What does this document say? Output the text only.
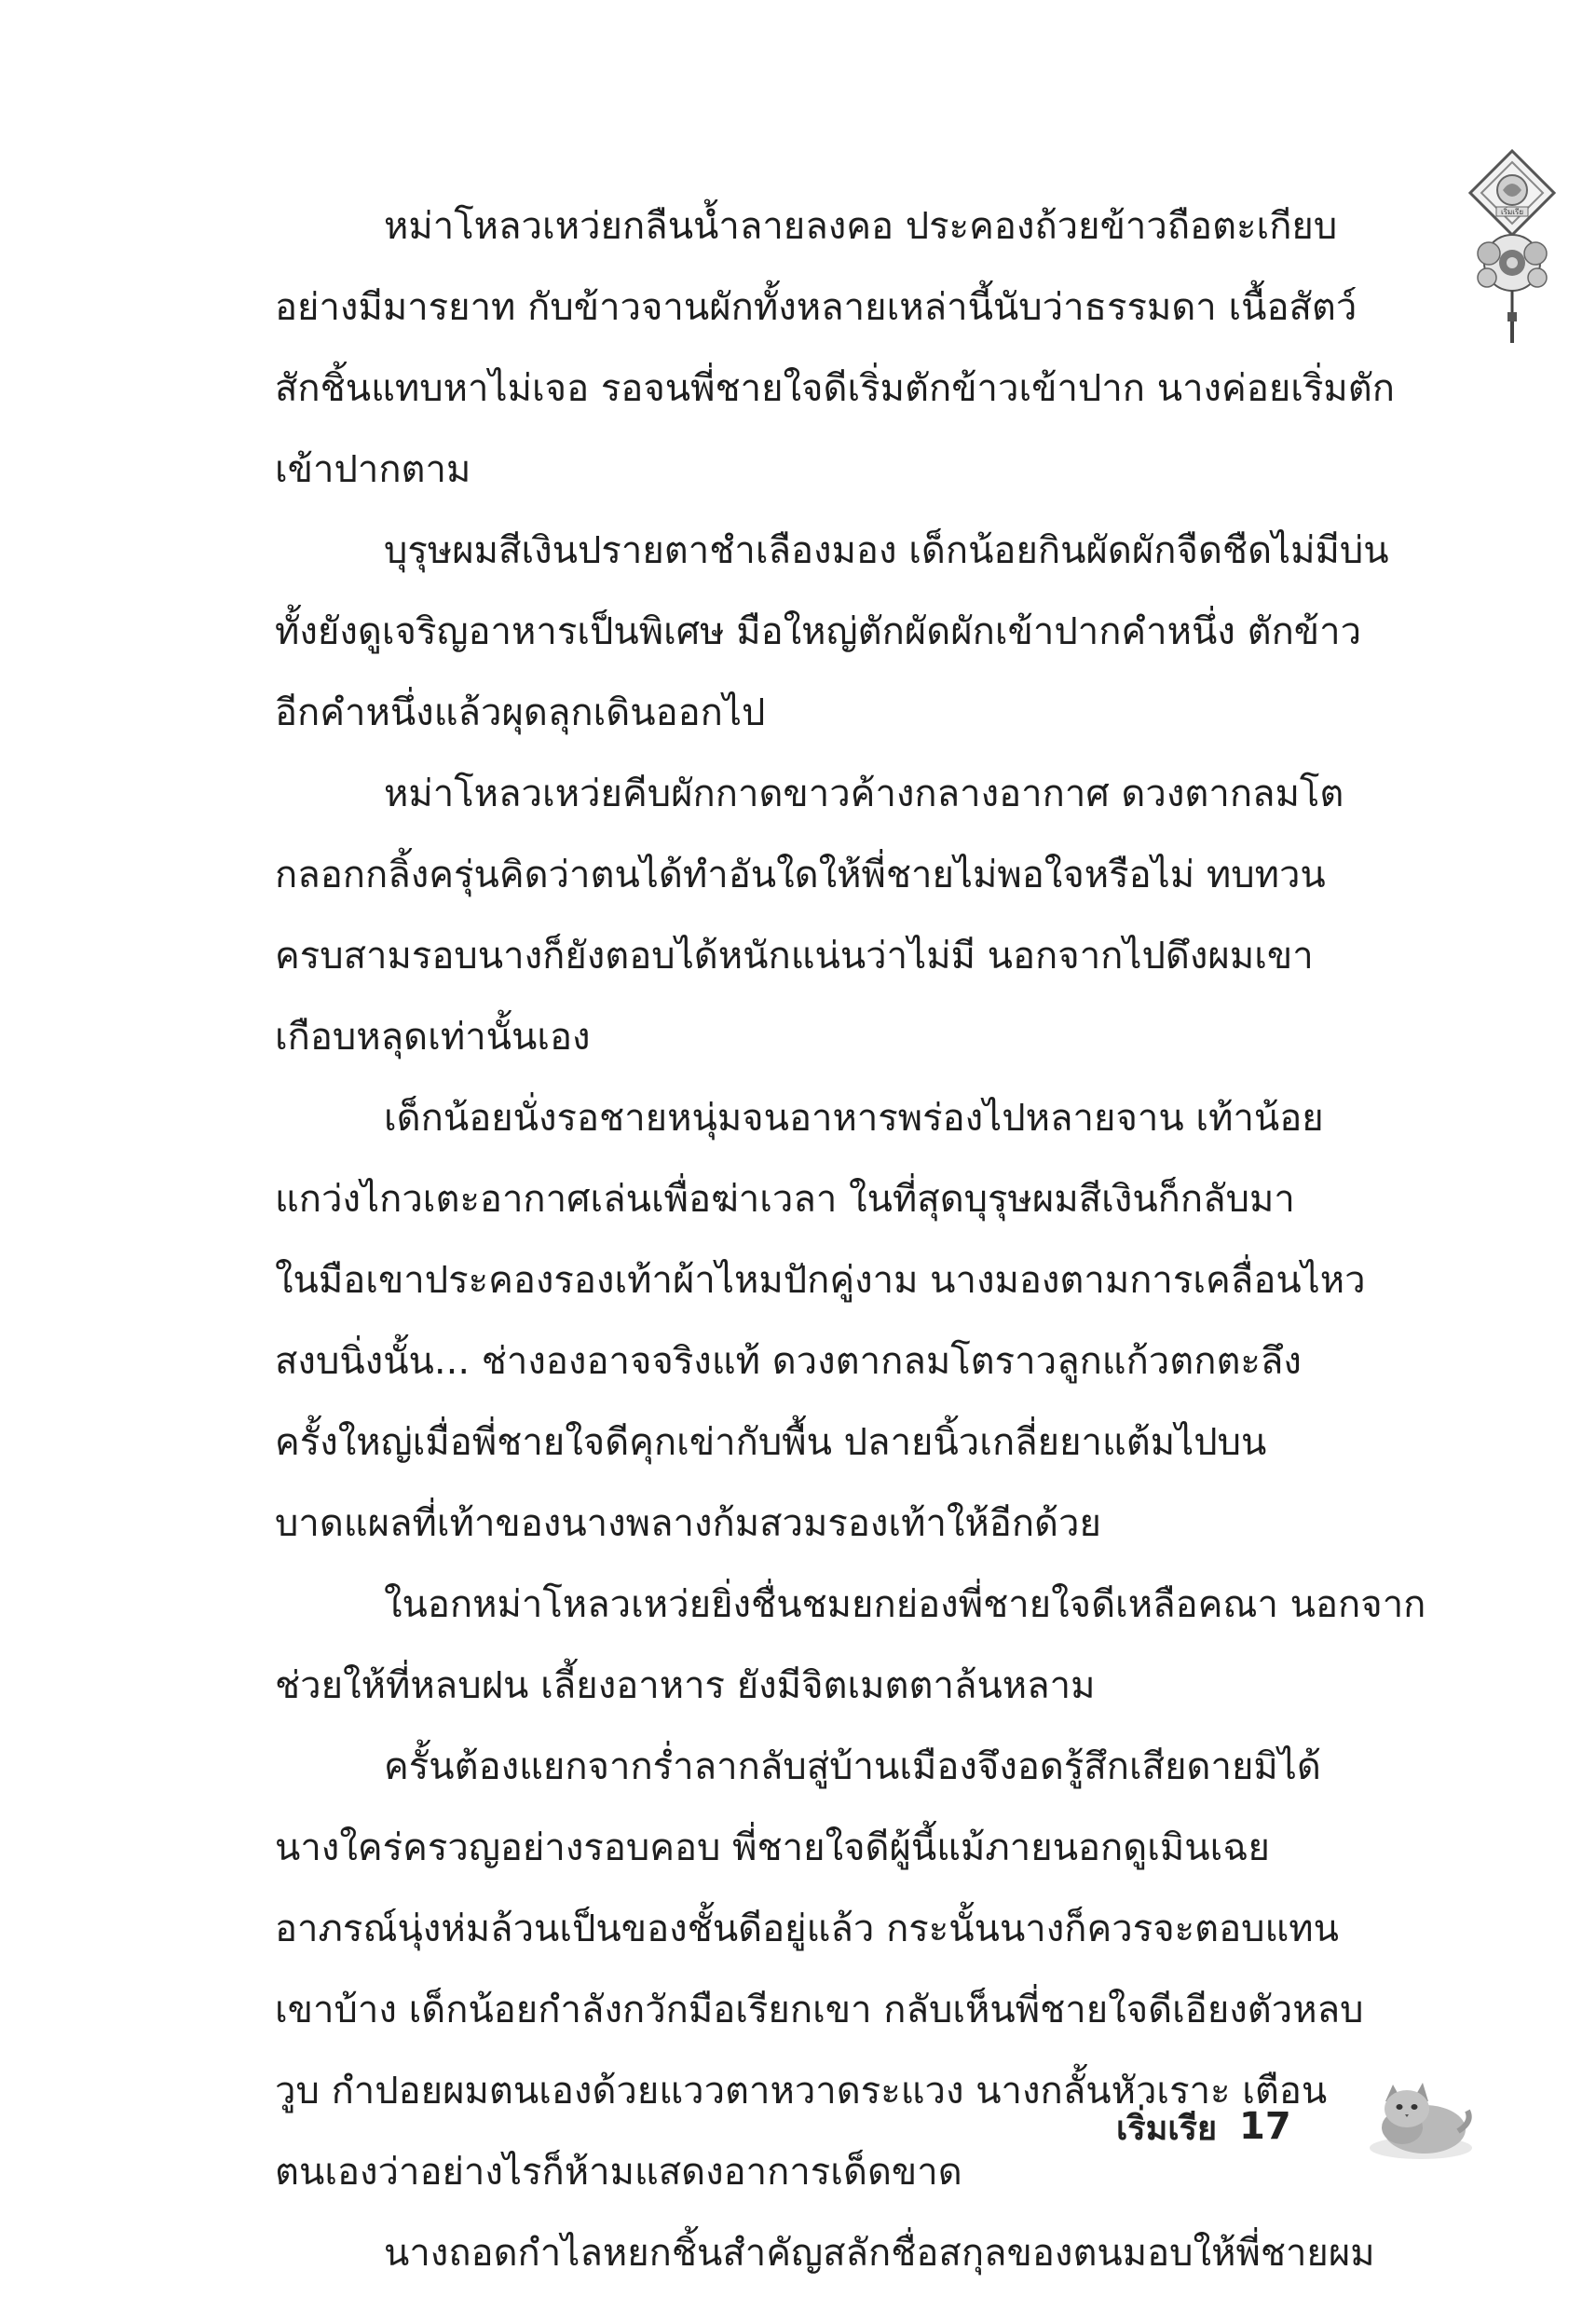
เริ่มเรีย
หม่าโหลวเหว่ยกลืนน้ำลายลงคอ ประคองถ้วยข้าวถือตะเกียบ
อย่างมีมารยาท กับข้าวจานผักทั้งหลายเหล่านี้นับว่าธรรมดา เนื้อสัตว์
สักชิ้นแทบหาไม่เจอ รอจนพี่ชายใจดีเริ่มตักข้าวเข้าปาก นางค่อยเริ่มตัก
เข้าปากตาม
บุรุษผมสีเงินปรายตาชำเลืองมอง เด็กน้อยกินผัดผักจืดชืดไม่มีบ่น
ทั้งยังดูเจริญอาหารเป็นพิเศษ มือใหญ่ตักผัดผักเข้าปากคำหนึ่ง ตักข้าว
อีกคำหนึ่งแล้วผุดลุกเดินออกไป
หม่าโหลวเหว่ยคีบผักกาดขาวค้างกลางอากาศ ดวงตากลมโต
กลอกกลิ้งครุ่นคิดว่าตนได้ทำอันใดให้พี่ชายไม่พอใจหรือไม่ ทบทวน
ครบสามรอบนางก็ยังตอบได้หนักแน่นว่าไม่มี นอกจากไปดึงผมเขา
เกือบหลุดเท่านั้นเอง
เด็กน้อยนั่งรอชายหนุ่มจนอาหารพร่องไปหลายจาน เท้าน้อย
แกว่งไกวเตะอากาศเล่นเพื่อฆ่าเวลา ในที่สุดบุรุษผมสีเงินก็กลับมา
ในมือเขาประคองรองเท้าผ้าไหมปักคู่งาม นางมองตามการเคลื่อนไหว
สงบนิ่งนั้น... ช่างองอาจจริงแท้ ดวงตากลมโตราวลูกแก้วตกตะลึง
ครั้งใหญ่เมื่อพี่ชายใจดีคุกเข่ากับพื้น ปลายนิ้วเกลี่ยยาแต้มไปบน
บาดแผลที่เท้าของนางพลางก้มสวมรองเท้าให้อีกด้วย
ในอกหม่าโหลวเหว่ยยิ่งชื่นชมยกย่องพี่ชายใจดีเหลือคณา นอกจาก
ช่วยให้ที่หลบฝน เลี้ยงอาหาร ยังมีจิตเมตตาล้นหลาม
ครั้นต้องแยกจากร่ำลากลับสู่บ้านเมืองจึงอดรู้สึกเสียดายมิได้
นางใคร่ครวญอย่างรอบคอบ พี่ชายใจดีผู้นี้แม้ภายนอกดูเมินเฉย
อาภรณ์นุ่งห่มล้วนเป็นของชั้นดีอยู่แล้ว กระนั้นนางก็ควรจะตอบแทน
เขาบ้าง เด็กน้อยกำลังกวักมือเรียกเขา กลับเห็นพี่ชายใจดีเอียงตัวหลบ
วูบ กำปอยผมตนเองด้วยแววตาหวาดระแวง นางกลั้นหัวเราะ เตือน
ตนเองว่าอย่างไรก็ห้ามแสดงอาการเด็ดขาด
นางถอดกำไลหยกชิ้นสำคัญสลักชื่อสกุลของตนมอบให้พี่ชายผม
เริ่มเรีย 17
